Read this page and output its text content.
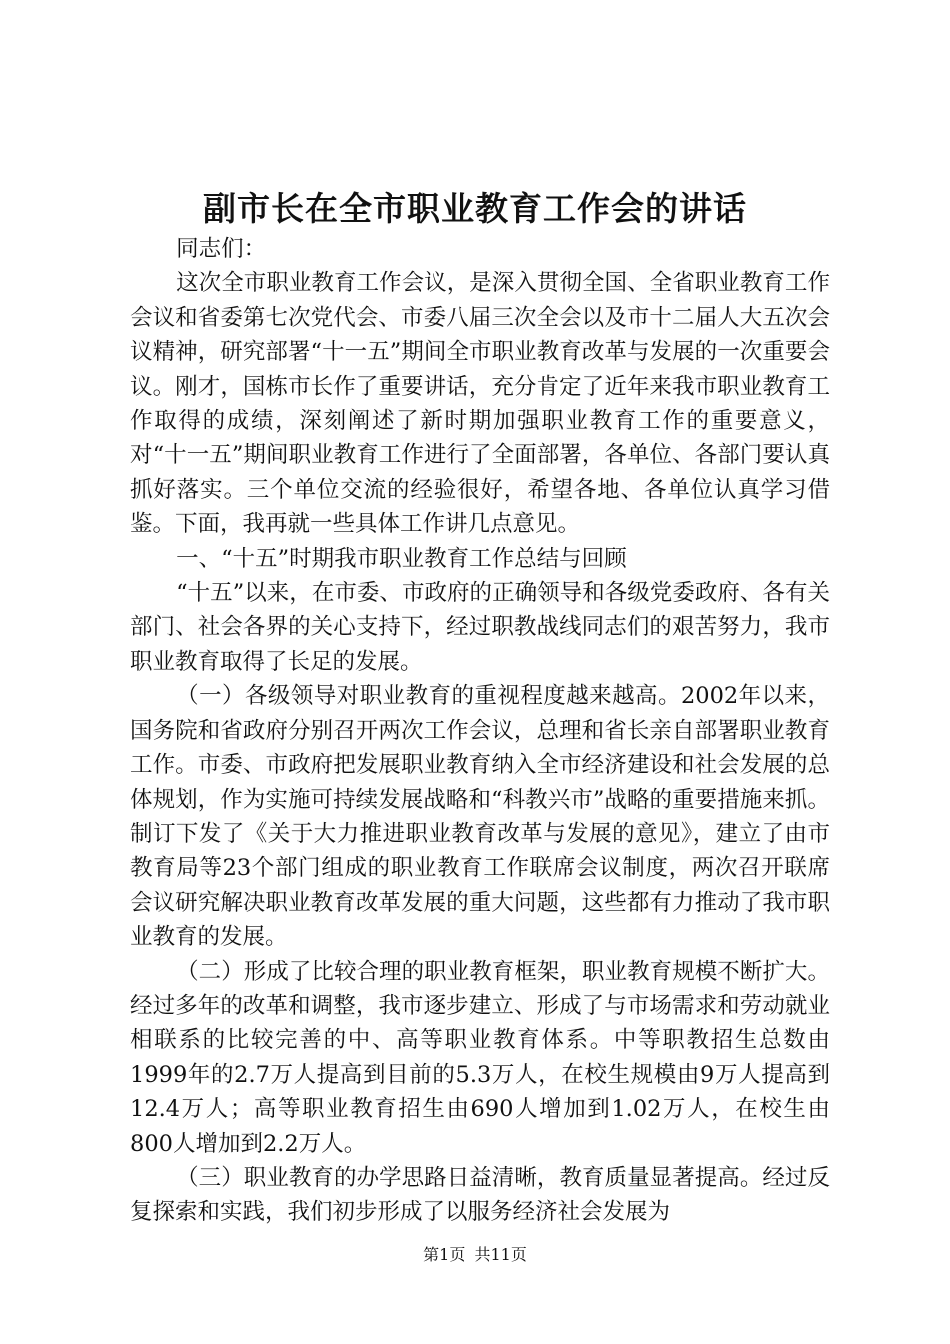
副市长在全市职业教育工作会的讲话

同志们：

这次全市职业教育工作会议，是深入贯彻全国、全省职业教育工作会议和省委第七次党代会、市委八届三次全会以及市十二届人大五次会议精神，研究部署“十一五”期间全市职业教育改革与发展的一次重要会议。刚才，国栋市长作了重要讲话，充分肯定了近年来我市职业教育工作取得的成绩，深刻阐述了新时期加强职业教育工作的重要意义，对“十一五”期间职业教育工作进行了全面部署，各单位、各部门要认真抓好落实。三个单位交流的经验很好，希望各地、各单位认真学习借鉴。下面，我再就一些具体工作讲几点意见。

一、“十五”时期我市职业教育工作总结与回顾

“十五”以来，在市委、市政府的正确领导和各级党委政府、各有关部门、社会各界的关心支持下，经过职教战线同志们的艰苦努力，我市职业教育取得了长足的发展。

（一）各级领导对职业教育的重视程度越来越高。2002年以来，国务院和省政府分别召开两次工作会议，总理和省长亲自部署职业教育工作。市委、市政府把发展职业教育纳入全市经济建设和社会发展的总体规划，作为实施可持续发展战略和“科教兴市”战略的重要措施来抓。制订下发了《关于大力推进职业教育改革与发展的意见》，建立了由市教育局等23个部门组成的职业教育工作联席会议制度，两次召开联席会议研究解决职业教育改革发展的重大问题，这些都有力推动了我市职业教育的发展。

（二）形成了比较合理的职业教育框架，职业教育规模不断扩大。经过多年的改革和调整，我市逐步建立、形成了与市场需求和劳动就业相联系的比较完善的中、高等职业教育体系。中等职教招生总数由1999年的2.7万人提高到目前的5.3万人，在校生规模由9万人提高到12.4万人；高等职业教育招生由690人增加到1.02万人，在校生由800人增加到2.2万人。

（三）职业教育的办学思路日益清晰，教育质量显著提高。经过反复探索和实践，我们初步形成了以服务经济社会发展为

第1页 共11页
